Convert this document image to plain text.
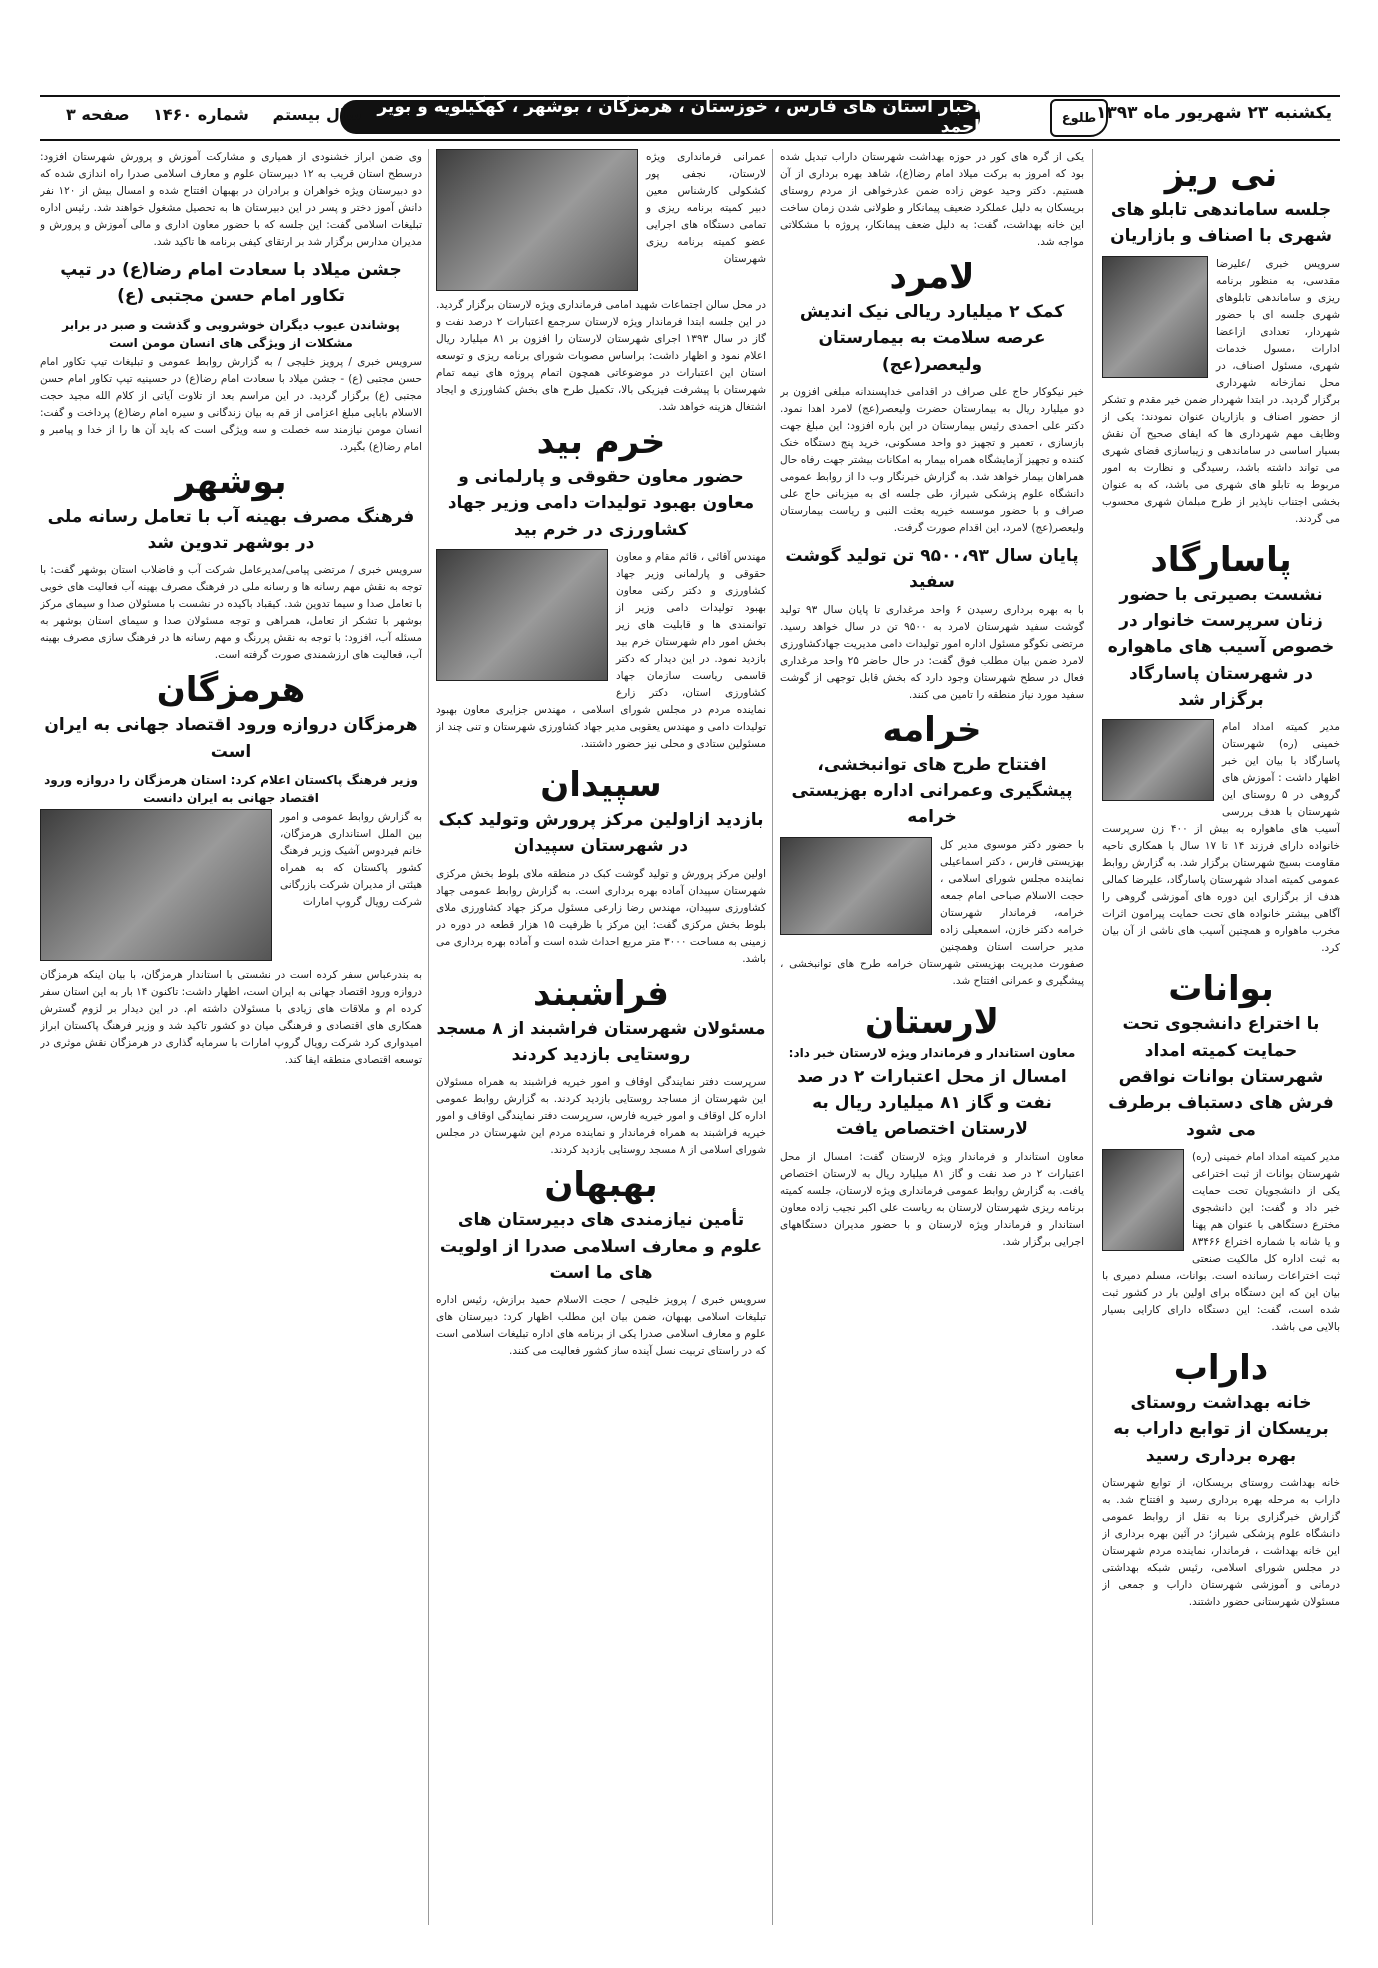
یکشنبه ۲۳ شهریور ماه ۱۳۹۳
طلوع
اخبار استان های فارس ، خوزستان ، هرمزگان ، بوشهر ، کهگیلویه و بویر احمد
سال بیستم شماره ۱۴۶۰ صفحه ۳
نی ریز
جلسه ساماندهی تابلو های شهری با اصناف و بازاریان

سرویس خبری /علیرضا مقدسی، به منظور برنامه ریزی و ساماندهی تابلوهای شهری جلسه ای با حضور شهردار، تعدادی ازاعضا ادارات ،مسول خدمات شهری، مسئول اصناف، در محل نمازخانه شهرداری برگزار گردید. در ابتدا شهردار ضمن خیر مقدم و تشکر از حضور اصناف و بازاریان عنوان نمودند: یکی از وظایف مهم شهرداری ها که ایفای صحیح آن نقش بسیار اساسی در ساماندهی و زیباسازی فضای شهری می تواند داشته باشد، رسیدگی و نظارت به امور مربوط به تابلو های شهری می باشد، که به عنوان بخشی اجتناب ناپذیر از طرح مبلمان شهری محسوب می گردند.

پاسارگاد
نشست بصیرتی با حضور زنان سرپرست خانوار در خصوص آسیب های ماهواره در شهرستان پاسارگاد برگزار شد

مدیر کمیته امداد امام خمینی (ره) شهرستان پاسارگاد با بیان این خبر اظهار داشت : آموزش های گروهی در ۵ روستای این شهرستان با هدف بررسی آسیب های ماهواره به بیش از ۴۰۰ زن سرپرست خانواده دارای فرزند ۱۴ تا ۱۷ سال با همکاری ناحیه مقاومت بسیج شهرستان برگزار شد. به گزارش روابط عمومی کمیته امداد شهرستان پاسارگاد، علیرضا کمالی هدف از برگزاری این دوره های آموزشی گروهی را آگاهی بیشتر خانواده های تحت حمایت پیرامون اثرات مخرب ماهواره و همچنین آسیب های ناشی از آن بیان کرد.

بوانات
با اختراع دانشجوی تحت حمایت کمیته امداد شهرستان بوانات نواقص فرش های دستباف برطرف می شود

مدیر کمیته امداد امام خمینی (ره) شهرستان بوانات از ثبت اختراعی یکی از دانشجویان تحت حمایت خبر داد و گفت: این دانشجوی مخترع دستگاهی با عنوان هم پهنا و یا شانه با شماره اختراع ۸۳۴۶۶ به ثبت اداره کل مالکیت صنعتی ثبت اختراعات رسانده است. بوانات، مسلم دمیری با بیان این که این دستگاه برای اولین بار در کشور ثبت شده است، گفت: این دستگاه دارای کارایی بسیار بالایی می باشد.

داراب
خانه بهداشت روستای بریسکان از توابع داراب به بهره برداری رسید

خانه بهداشت روستای بریسکان، از توابع شهرستان داراب به مرحله بهره برداری رسید و افتتاح شد. به گزارش خبرگزاری برنا به نقل از روابط عمومی دانشگاه علوم پزشکی شیراز؛ در آئین بهره برداری از این خانه بهداشت ، فرماندار، نماینده مردم شهرستان در مجلس شورای اسلامی، رئیس شبکه بهداشتی درمانی و آموزشی شهرستان داراب و جمعی از مسئولان شهرستانی حضور داشتند.

یکی از گره های کور در حوزه بهداشت شهرستان داراب تبدیل شده بود که امروز به برکت میلاد امام رضا(ع)، شاهد بهره برداری از آن هستیم. دکتر وحید عوض زاده ضمن عذرخواهی از مردم روستای بریسکان به دلیل عملکرد ضعیف پیمانکار و طولانی شدن زمان ساخت این خانه بهداشت، گفت: به دلیل ضعف پیمانکار، پروژه با مشکلاتی مواجه شد.

لامرد
کمک ۲ میلیارد ریالی نیک اندیش عرصه سلامت به بیمارستان ولیعصر(عج)

خیر نیکوکار حاج علی صراف در اقدامی خداپسندانه مبلغی افزون بر دو میلیارد ریال به بیمارستان حضرت ولیعصر(عج) لامرد اهدا نمود. دکتر علی احمدی رئیس بیمارستان در این باره افزود: این مبلغ جهت بازسازی ، تعمیر و تجهیز دو واحد مسکونی، خرید پنج دستگاه خنک کننده و تجهیز آزمایشگاه همراه بیمار به امکانات بیشتر جهت رفاه حال همراهان بیمار خواهد شد. به گزارش خبرنگار وب دا از روابط عمومی دانشگاه علوم پزشکی شیراز، طی جلسه ای به میزبانی حاج علی صراف و با حضور موسسه خیریه بعثت النبی و ریاست بیمارستان ولیعصر(عج) لامرد، این اقدام صورت گرفت.

پایان سال ۹۵۰۰،۹۳ تن تولید گوشت سفید

با به بهره برداری رسیدن ۶ واحد مرغداری تا پایان سال ۹۳ تولید گوشت سفید شهرستان لامرد به ۹۵۰۰ تن در سال خواهد رسید. مرتضی نکوگو مسئول اداره امور تولیدات دامی مدیریت جهادکشاورزی لامرد ضمن بیان مطلب فوق گفت: در حال حاضر ۲۵ واحد مرغداری فعال در سطح شهرستان وجود دارد که بخش قابل توجهی از گوشت سفید مورد نیاز منطقه را تامین می کنند.

خرامه
افتتاح طرح های توانبخشی، پیشگیری وعمرانی اداره بهزیستی خرامه

با حضور دکتر موسوی مدیر کل بهزیستی فارس ، دکتر اسماعیلی نماینده مجلس شورای اسلامی ، حجت الاسلام صباحی امام جمعه خرامه، فرماندار شهرستان خرامه دکتر خازن، اسمعیلی زاده مدیر حراست استان وهمچنین صفورت مدیریت بهزیستی شهرستان خرامه طرح های توانبخشی ، پیشگیری و عمرانی افتتاح شد.

لارستان
معاون استاندار و فرماندار ویژه لارستان خبر داد:
امسال از محل اعتبارات ۲ در صد نفت و گاز ۸۱ میلیارد ریال به لارستان اختصاص یافت

معاون استاندار و فرماندار ویژه لارستان گفت: امسال از محل اعتبارات ۲ در صد نفت و گاز ۸۱ میلیارد ریال به لارستان اختصاص یافت. به گزارش روابط عمومی فرمانداری ویژه لارستان، جلسه کمیته برنامه ریزی شهرستان لارستان به ریاست علی اکبر نجیب زاده معاون استاندار و فرماندار ویژه لارستان و با حضور مدیران دستگاههای اجرایی برگزار شد.

عمرانی فرمانداری ویژه لارستان، نجفی پور کشکولی کارشناس معین دبیر کمیته برنامه ریزی و تمامی دستگاه های اجرایی عضو کمیته برنامه ریزی شهرستان

در محل سالن اجتماعات شهید امامی فرمانداری ویژه لارستان برگزار گردید. در این جلسه ابتدا فرماندار ویژه لارستان سرجمع اعتبارات ۲ درصد نفت و گاز در سال ۱۳۹۳ اجرای شهرستان لارستان را افزون بر ۸۱ میلیارد ریال اعلام نمود و اظهار داشت: براساس مصوبات شورای برنامه ریزی و توسعه استان این اعتبارات در موضوعاتی همچون اتمام پروژه های نیمه تمام شهرستان با پیشرفت فیزیکی بالا، تکمیل طرح های بخش کشاورزی و ایجاد اشتغال هزینه خواهد شد.

خرم بید
حضور معاون حقوقی و پارلمانی و معاون بهبود تولیدات دامی وزیر جهاد کشاورزی در خرم بید

مهندس آقائی ، قائم مقام و معاون حقوقی و پارلمانی وزیر جهاد کشاورزی و دکتر رکنی معاون بهبود تولیدات دامی وزیر از توانمندی ها و قابلیت های زیر بخش امور دام شهرستان خرم بید بازدید نمود. در این دیدار که دکتر قاسمی ریاست سازمان جهاد کشاورزی استان، دکتر زارع نماینده مردم در مجلس شورای اسلامی ، مهندس جزایری معاون بهبود تولیدات دامی و مهندس یعقوبی مدیر جهاد کشاورزی شهرستان و تنی چند از مسئولین ستادی و محلی نیز حضور داشتند.

سپیدان
بازدید ازاولین مرکز پرورش وتولید کبک در شهرستان سپیدان

اولین مرکز پرورش و تولید گوشت کبک در منطقه ملای بلوط بخش مرکزی شهرستان سپیدان آماده بهره برداری است. به گزارش روابط عمومی جهاد کشاورزی سپیدان، مهندس رضا زارعی مسئول مرکز جهاد کشاورزی ملای بلوط بخش مرکزی گفت: این مرکز با ظرفیت ۱۵ هزار قطعه در دوره در زمینی به مساحت ۳۰۰۰ متر مربع احداث شده است و آماده بهره برداری می باشد.

فراشبند
مسئولان شهرستان فراشبند از ۸ مسجد روستایی بازدید کردند

سرپرست دفتر نمایندگی اوقاف و امور خیریه فراشبند به همراه مسئولان این شهرستان از مساجد روستایی بازدید کردند. به گزارش روابط عمومی اداره کل اوقاف و امور خیریه فارس، سرپرست دفتر نمایندگی اوقاف و امور خیریه فراشبند به همراه فرماندار و نماینده مردم این شهرستان در مجلس شورای اسلامی از ۸ مسجد روستایی بازدید کردند.

بهبهان
تأمین نیازمندی های دبیرستان های علوم و معارف اسلامی صدرا از اولویت های ما است

سرویس خبری / پرویز خلیجی / حجت الاسلام حمید برازش، رئیس اداره تبلیغات اسلامی بهبهان، ضمن بیان این مطلب اظهار کرد: دبیرستان های علوم و معارف اسلامی صدرا یکی از برنامه های اداره تبلیغات اسلامی است که در راستای تربیت نسل آینده ساز کشور فعالیت می کنند.

وی ضمن ابراز خشنودی از همیاری و مشارکت آموزش و پرورش شهرستان افزود: درسطح استان قریب به ۱۲ دبیرستان علوم و معارف اسلامی صدرا راه اندازی شده که دو دبیرستان ویژه خواهران و برادران در بهبهان افتتاح شده و امسال بیش از ۱۲۰ نفر دانش آموز دختر و پسر در این دبیرستان ها به تحصیل مشغول خواهند شد. رئیس اداره تبلیغات اسلامی گفت: این جلسه که با حضور معاون اداری و مالی آموزش و پرورش و مدیران مدارس برگزار شد بر ارتقای کیفی برنامه ها تاکید شد.

جشن میلاد با سعادت امام رضا(ع) در تیپ تکاور امام حسن مجتبی (ع)
پوشاندن عیوب دیگران خوشرویی و گذشت و صبر در برابر مشکلات از ویژگی های انسان مومن است

سرویس خبری / پرویز خلیجی / به گزارش روابط عمومی و تبلیغات تیپ تکاور امام حسن مجتبی (ع) - جشن میلاد با سعادت امام رضا(ع) در حسینیه تیپ تکاور امام حسن مجتبی (ع) برگزار گردید. در این مراسم بعد از تلاوت آیاتی از کلام الله مجید حجت الاسلام بابایی مبلغ اعزامی از قم به بیان زندگانی و سیره امام رضا(ع) پرداخت و گفت: انسان مومن نیازمند سه خصلت و سه ویژگی است که باید آن ها را از خدا و پیامبر و امام رضا(ع) بگیرد.

بوشهر
فرهنگ مصرف بهینه آب با تعامل رسانه ملی در بوشهر تدوین شد

سرویس خبری / مرتضی پیامی/مدیرعامل شرکت آب و فاضلاب استان بوشهر گفت: با توجه به نقش مهم رسانه ها و رسانه ملی در فرهنگ مصرف بهینه آب فعالیت های خوبی با تعامل صدا و سیما تدوین شد. کیقباد باکیده در نشست با مسئولان صدا و سیمای مرکز بوشهر با تشکر از تعامل، همراهی و توجه مسئولان صدا و سیمای استان بوشهر به مسئله آب، افزود: با توجه به نقش پررنگ و مهم رسانه ها در فرهنگ سازی مصرف بهینه آب، فعالیت های ارزشمندی صورت گرفته است.

هرمزگان
هرمزگان دروازه ورود اقتصاد جهانی به ایران است
وزیر فرهنگ پاکستان اعلام کرد: استان هرمزگان را دروازه ورود اقتصاد جهانی به ایران دانست

به گزارش روابط عمومی و امور بین الملل استانداری هرمزگان، خانم فیردوس آشیک وزیر فرهنگ کشور پاکستان که به همراه هیئتی از مدیران شرکت بازرگانی شرکت رویال گروپ امارات

به بندرعباس سفر کرده است در نشستی با استاندار هرمزگان، با بیان اینکه هرمزگان دروازه ورود اقتصاد جهانی به ایران است، اظهار داشت: تاکنون ۱۴ بار به این استان سفر کرده ام و ملاقات های زیادی با مسئولان داشته ام. در این دیدار بر لزوم گسترش همکاری های اقتصادی و فرهنگی میان دو کشور تاکید شد و وزیر فرهنگ پاکستان ابراز امیدواری کرد شرکت رویال گروپ امارات با سرمایه گذاری در هرمزگان نقش موثری در توسعه اقتصادی منطقه ایفا کند.
